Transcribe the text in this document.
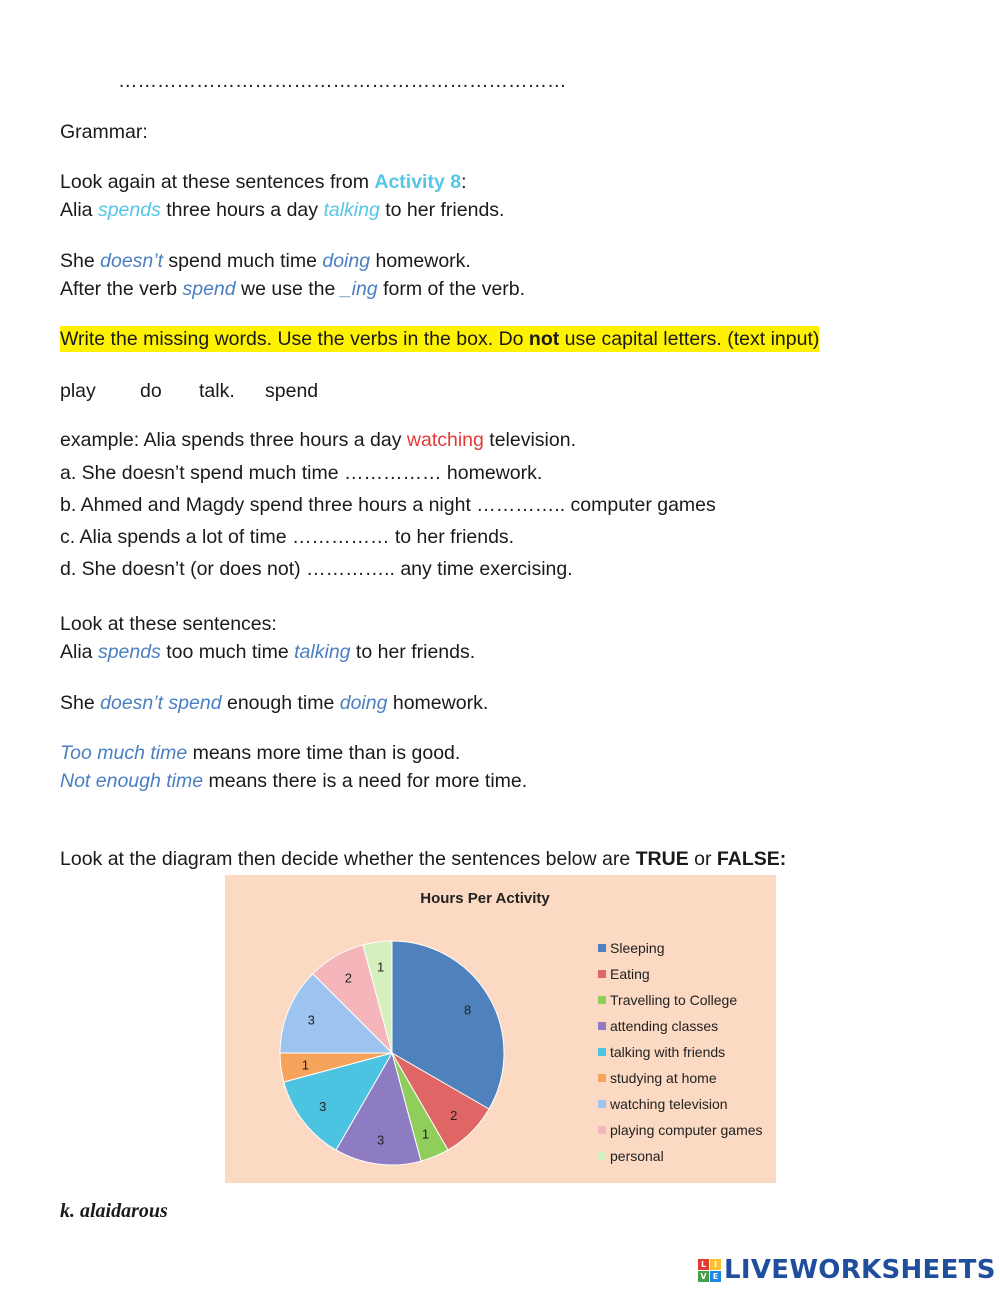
……………………………………………………………
Grammar:
Look again at these sentences from Activity 8:
Alia spends three hours a day talking to her friends.
She doesn’t spend much time doing homework.
After the verb spend we use the _ing form of the verb.
Write the missing words. Use the verbs in the box. Do not use capital letters. (text input)
play do talk. spend
example: Alia spends three hours a day watching television.
a. She doesn’t spend much time …………… homework.
b. Ahmed and Magdy spend three hours a night ………….. computer games
c. Alia spends a lot of time …………… to her friends.
d. She doesn’t (or does not) ………….. any time exercising.
Look at these sentences:
Alia spends too much time talking to her friends.
She doesn’t spend enough time doing homework.
Too much time means more time than is good.
Not enough time means there is a need for more time.
Look at the diagram then decide whether the sentences below are TRUE or FALSE:
Hours Per Activity
8
2
1
3
3
1
3
2
1
Sleeping
Eating
Travelling to College
attending classes
talking with friends
studying at home
watching television
playing computer games
personal
k. alaidarous
L I
V E LIVEWORKSHEETS
